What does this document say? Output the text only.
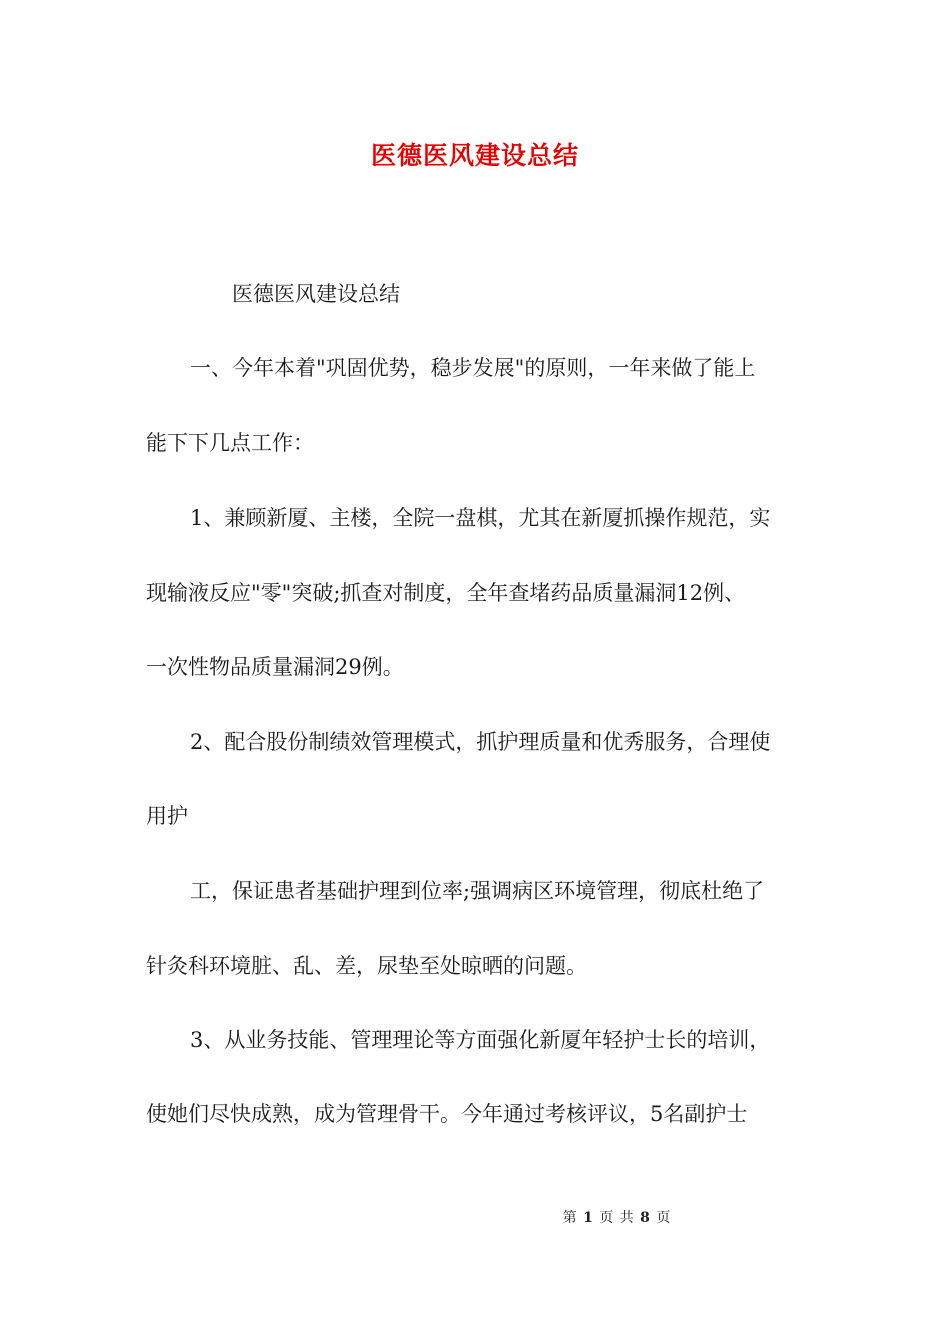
医德医风建设总结
医德医风建设总结
一、今年本着"巩固优势，稳步发展"的原则，一年来做了能上
能下下几点工作：
1、兼顾新厦、主楼，全院一盘棋，尤其在新厦抓操作规范，实
现输液反应"零"突破;抓查对制度，全年查堵药品质量漏洞12例、
一次性物品质量漏洞29例。
2、配合股份制绩效管理模式，抓护理质量和优秀服务，合理使
用护
工，保证患者基础护理到位率;强调病区环境管理，彻底杜绝了
针灸科环境脏、乱、差，尿垫至处晾晒的问题。
3、从业务技能、管理理论等方面强化新厦年轻护士长的培训，
使她们尽快成熟，成为管理骨干。今年通过考核评议，5名副护士
第 1 页 共 8 页
